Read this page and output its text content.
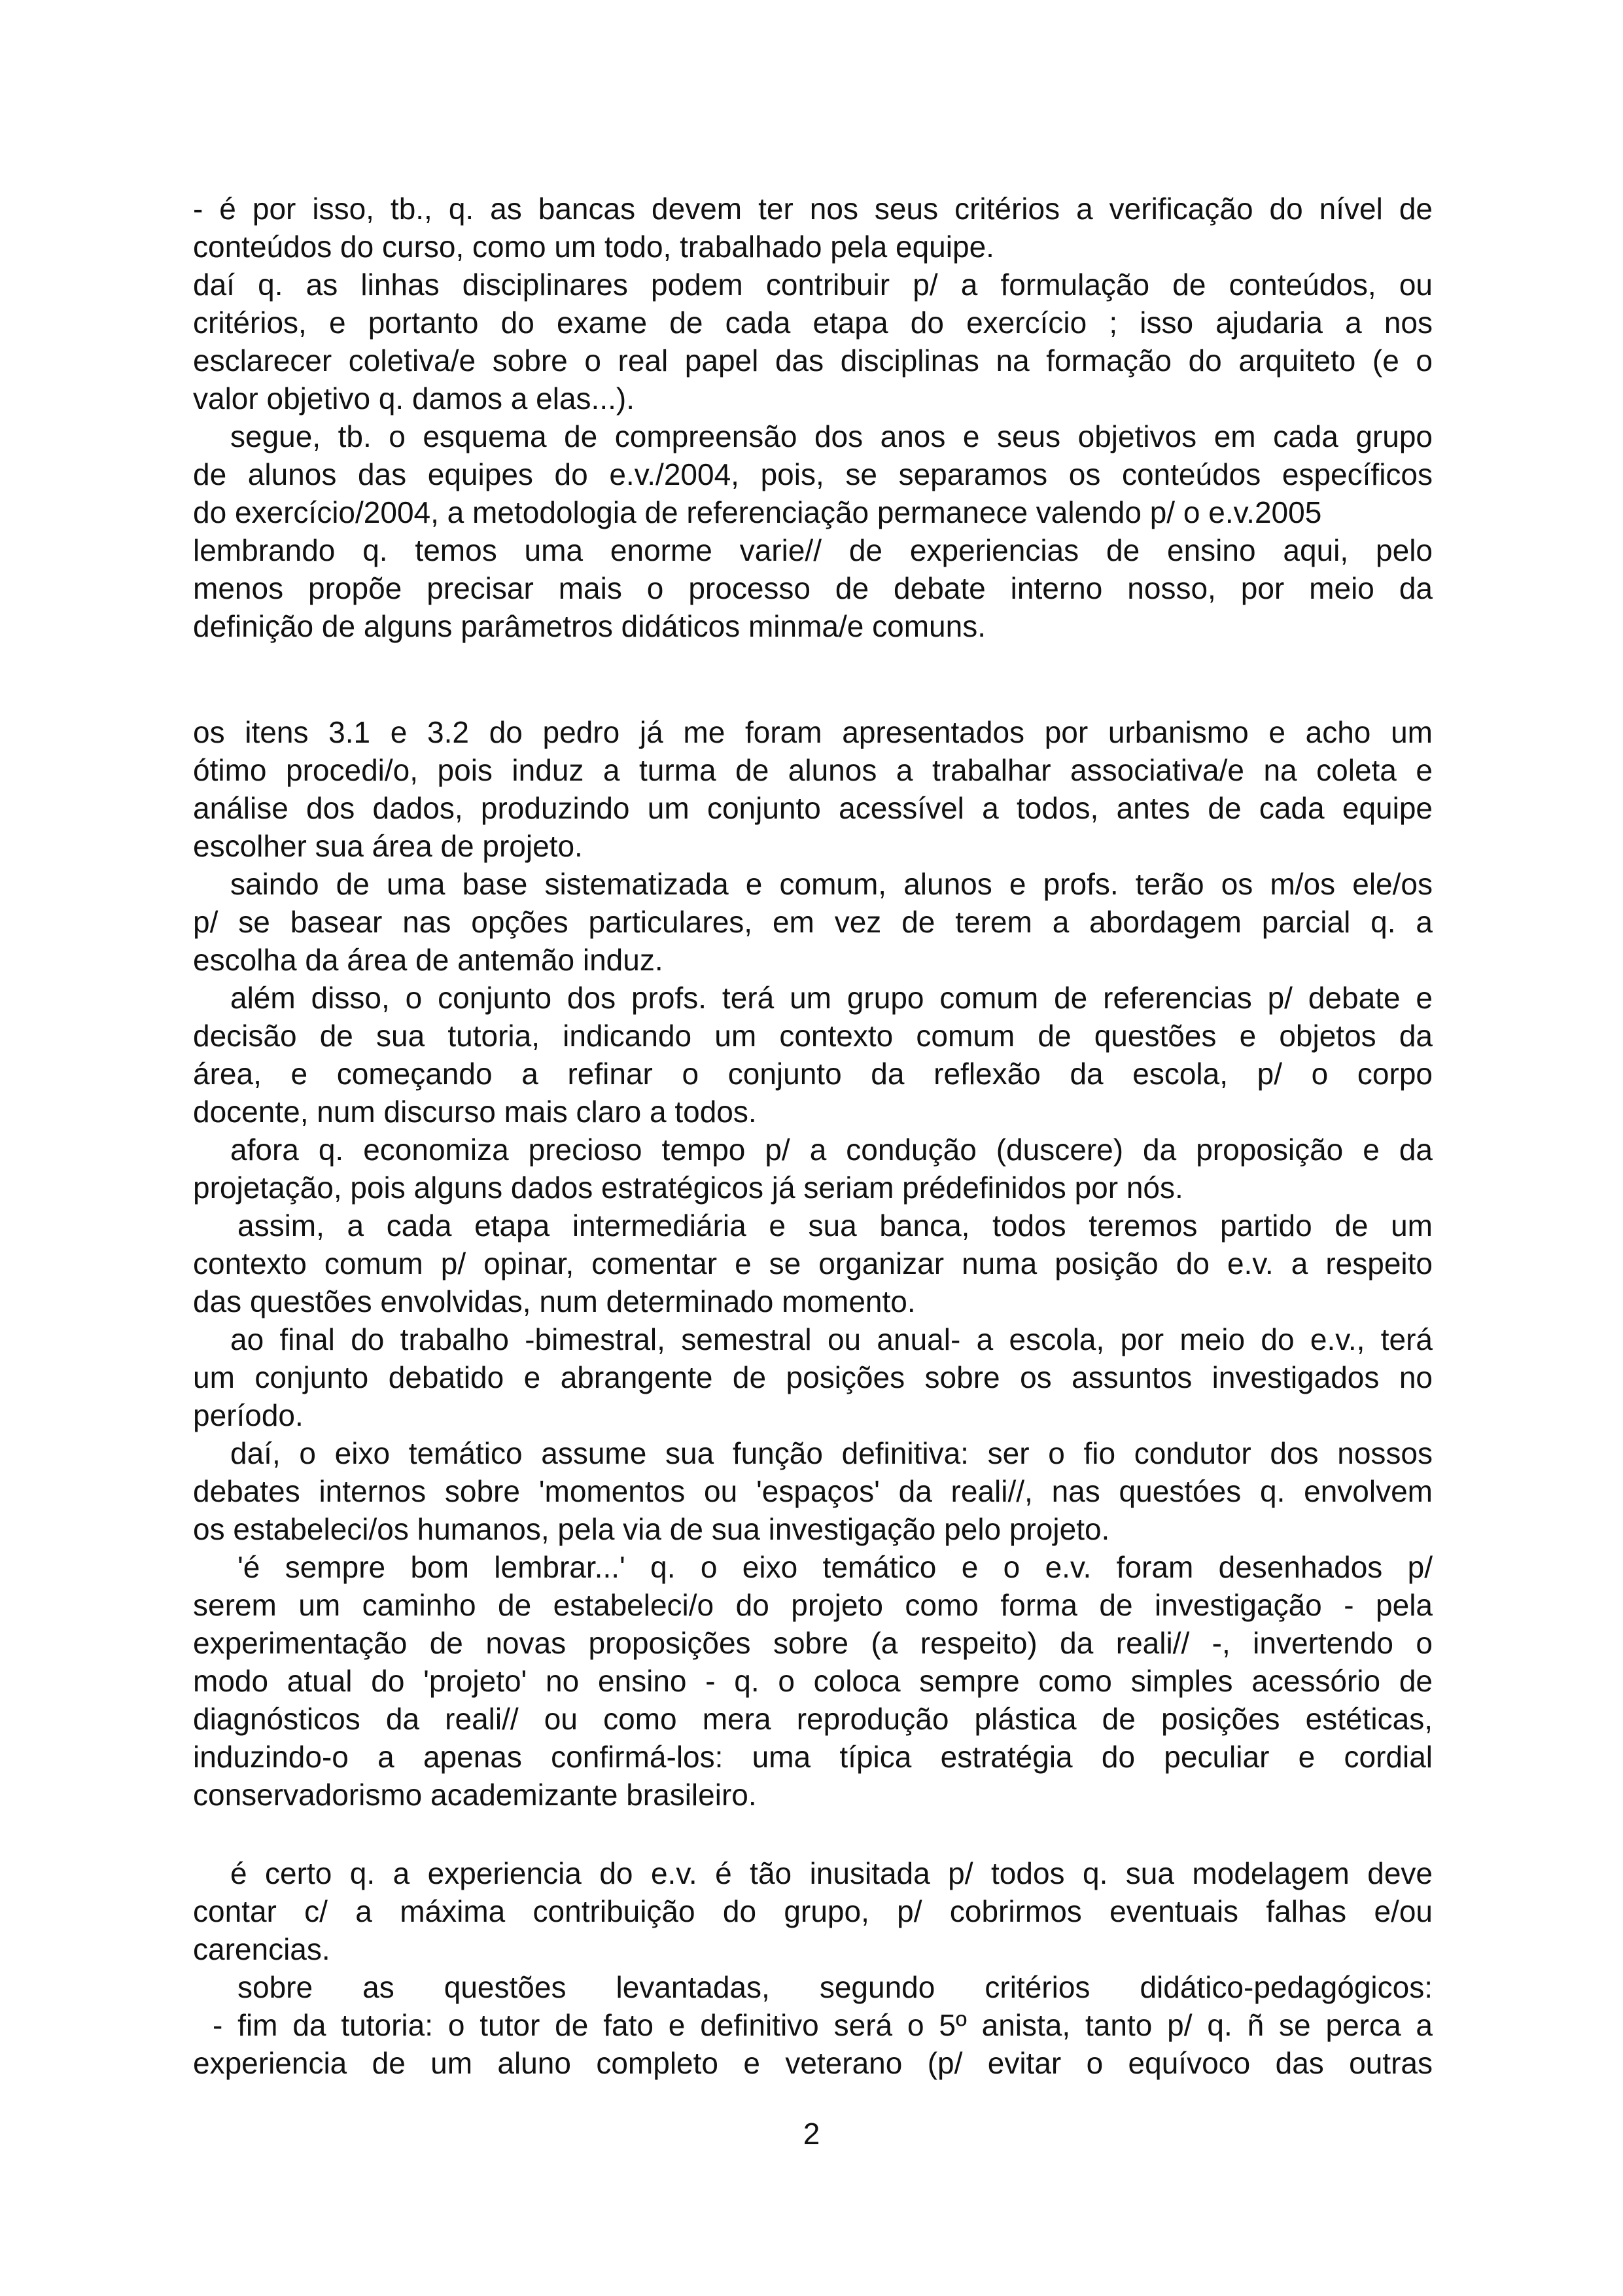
- é por isso, tb., q. as bancas devem ter nos seus critérios a verificação do nível de
conteúdos do curso, como um todo, trabalhado pela equipe.
daí q. as linhas disciplinares podem contribuir p/ a formulação de conteúdos, ou
critérios, e portanto do exame de cada etapa do exercício ; isso ajudaria a nos
esclarecer coletiva/e sobre o real papel das disciplinas na formação do arquiteto (e o
valor objetivo q. damos a elas...).
segue, tb. o esquema de compreensão dos anos e seus objetivos em cada grupo
de alunos das equipes do e.v./2004, pois, se separamos os conteúdos específicos
do exercício/2004, a metodologia de referenciação permanece valendo p/ o e.v.2005
lembrando q. temos uma enorme varie// de experiencias de ensino aqui, pelo
menos propõe precisar mais o processo de debate interno nosso, por meio da
definição de alguns parâmetros didáticos minma/e comuns.
os itens 3.1 e 3.2 do pedro já me foram apresentados por urbanismo e acho um
ótimo procedi/o, pois induz a turma de alunos a trabalhar associativa/e na coleta e
análise dos dados, produzindo um conjunto acessível a todos, antes de cada equipe
escolher sua área de projeto.
saindo de uma base sistematizada e comum, alunos e profs. terão os m/os ele/os
p/ se basear nas opções particulares, em vez de terem a abordagem parcial q. a
escolha da área de antemão induz.
além disso, o conjunto dos profs. terá um grupo comum de referencias p/ debate e
decisão de sua tutoria, indicando um contexto comum de questões e objetos da
área, e começando a refinar o conjunto da reflexão da escola, p/ o corpo
docente, num discurso mais claro a todos.
afora q. economiza precioso tempo p/ a condução (duscere) da proposição e da
projetação, pois alguns dados estratégicos já seriam prédefinidos por nós.
assim, a cada etapa intermediária e sua banca, todos teremos partido de um
contexto comum p/ opinar, comentar e se organizar numa posição do e.v. a respeito
das questões envolvidas, num determinado momento.
ao final do trabalho -bimestral, semestral ou anual- a escola, por meio do e.v., terá
um conjunto debatido e abrangente de posições sobre os assuntos investigados no
período.
daí, o eixo temático assume sua função definitiva: ser o fio condutor dos nossos
debates internos sobre 'momentos ou 'espaços' da reali//, nas questóes q. envolvem
os estabeleci/os humanos, pela via de sua investigação pelo projeto.
'é sempre bom lembrar...' q. o eixo temático e o e.v. foram desenhados p/
serem um caminho de estabeleci/o do projeto como forma de investigação - pela
experimentação de novas proposições sobre (a respeito) da reali// -, invertendo o
modo atual do 'projeto' no ensino - q. o coloca sempre como simples acessório de
diagnósticos da reali// ou como mera reprodução plástica de posições estéticas,
induzindo-o a apenas confirmá-los: uma típica estratégia do peculiar e cordial
conservadorismo academizante brasileiro.
é certo q. a experiencia do e.v. é tão inusitada p/ todos q. sua modelagem deve
contar c/ a máxima contribuição do grupo, p/ cobrirmos eventuais falhas e/ou
carencias.
sobre as questões levantadas, segundo critérios didático-pedagógicos:
- fim da tutoria: o tutor de fato e definitivo será o 5º anista, tanto p/ q. ñ se perca a
experiencia de um aluno completo e veterano (p/ evitar o equívoco das outras
2
